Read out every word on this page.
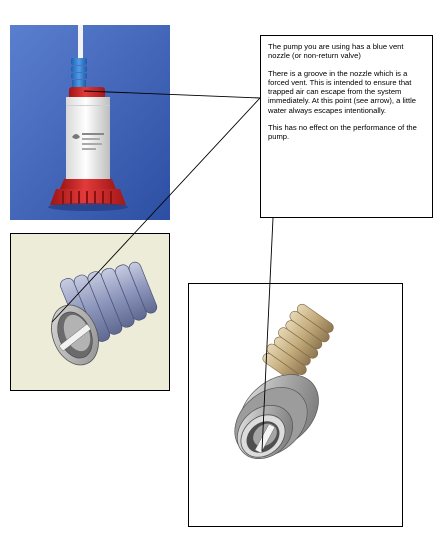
The pump you are using has a blue vent nozzle (or non-return valve)

There is a groove in the nozzle which is a forced vent. This is intended to ensure that trapped air can escape from the system immediately. At this point (see arrow), a little water always escapes intentionally.

This has no effect on the performance of the pump.
